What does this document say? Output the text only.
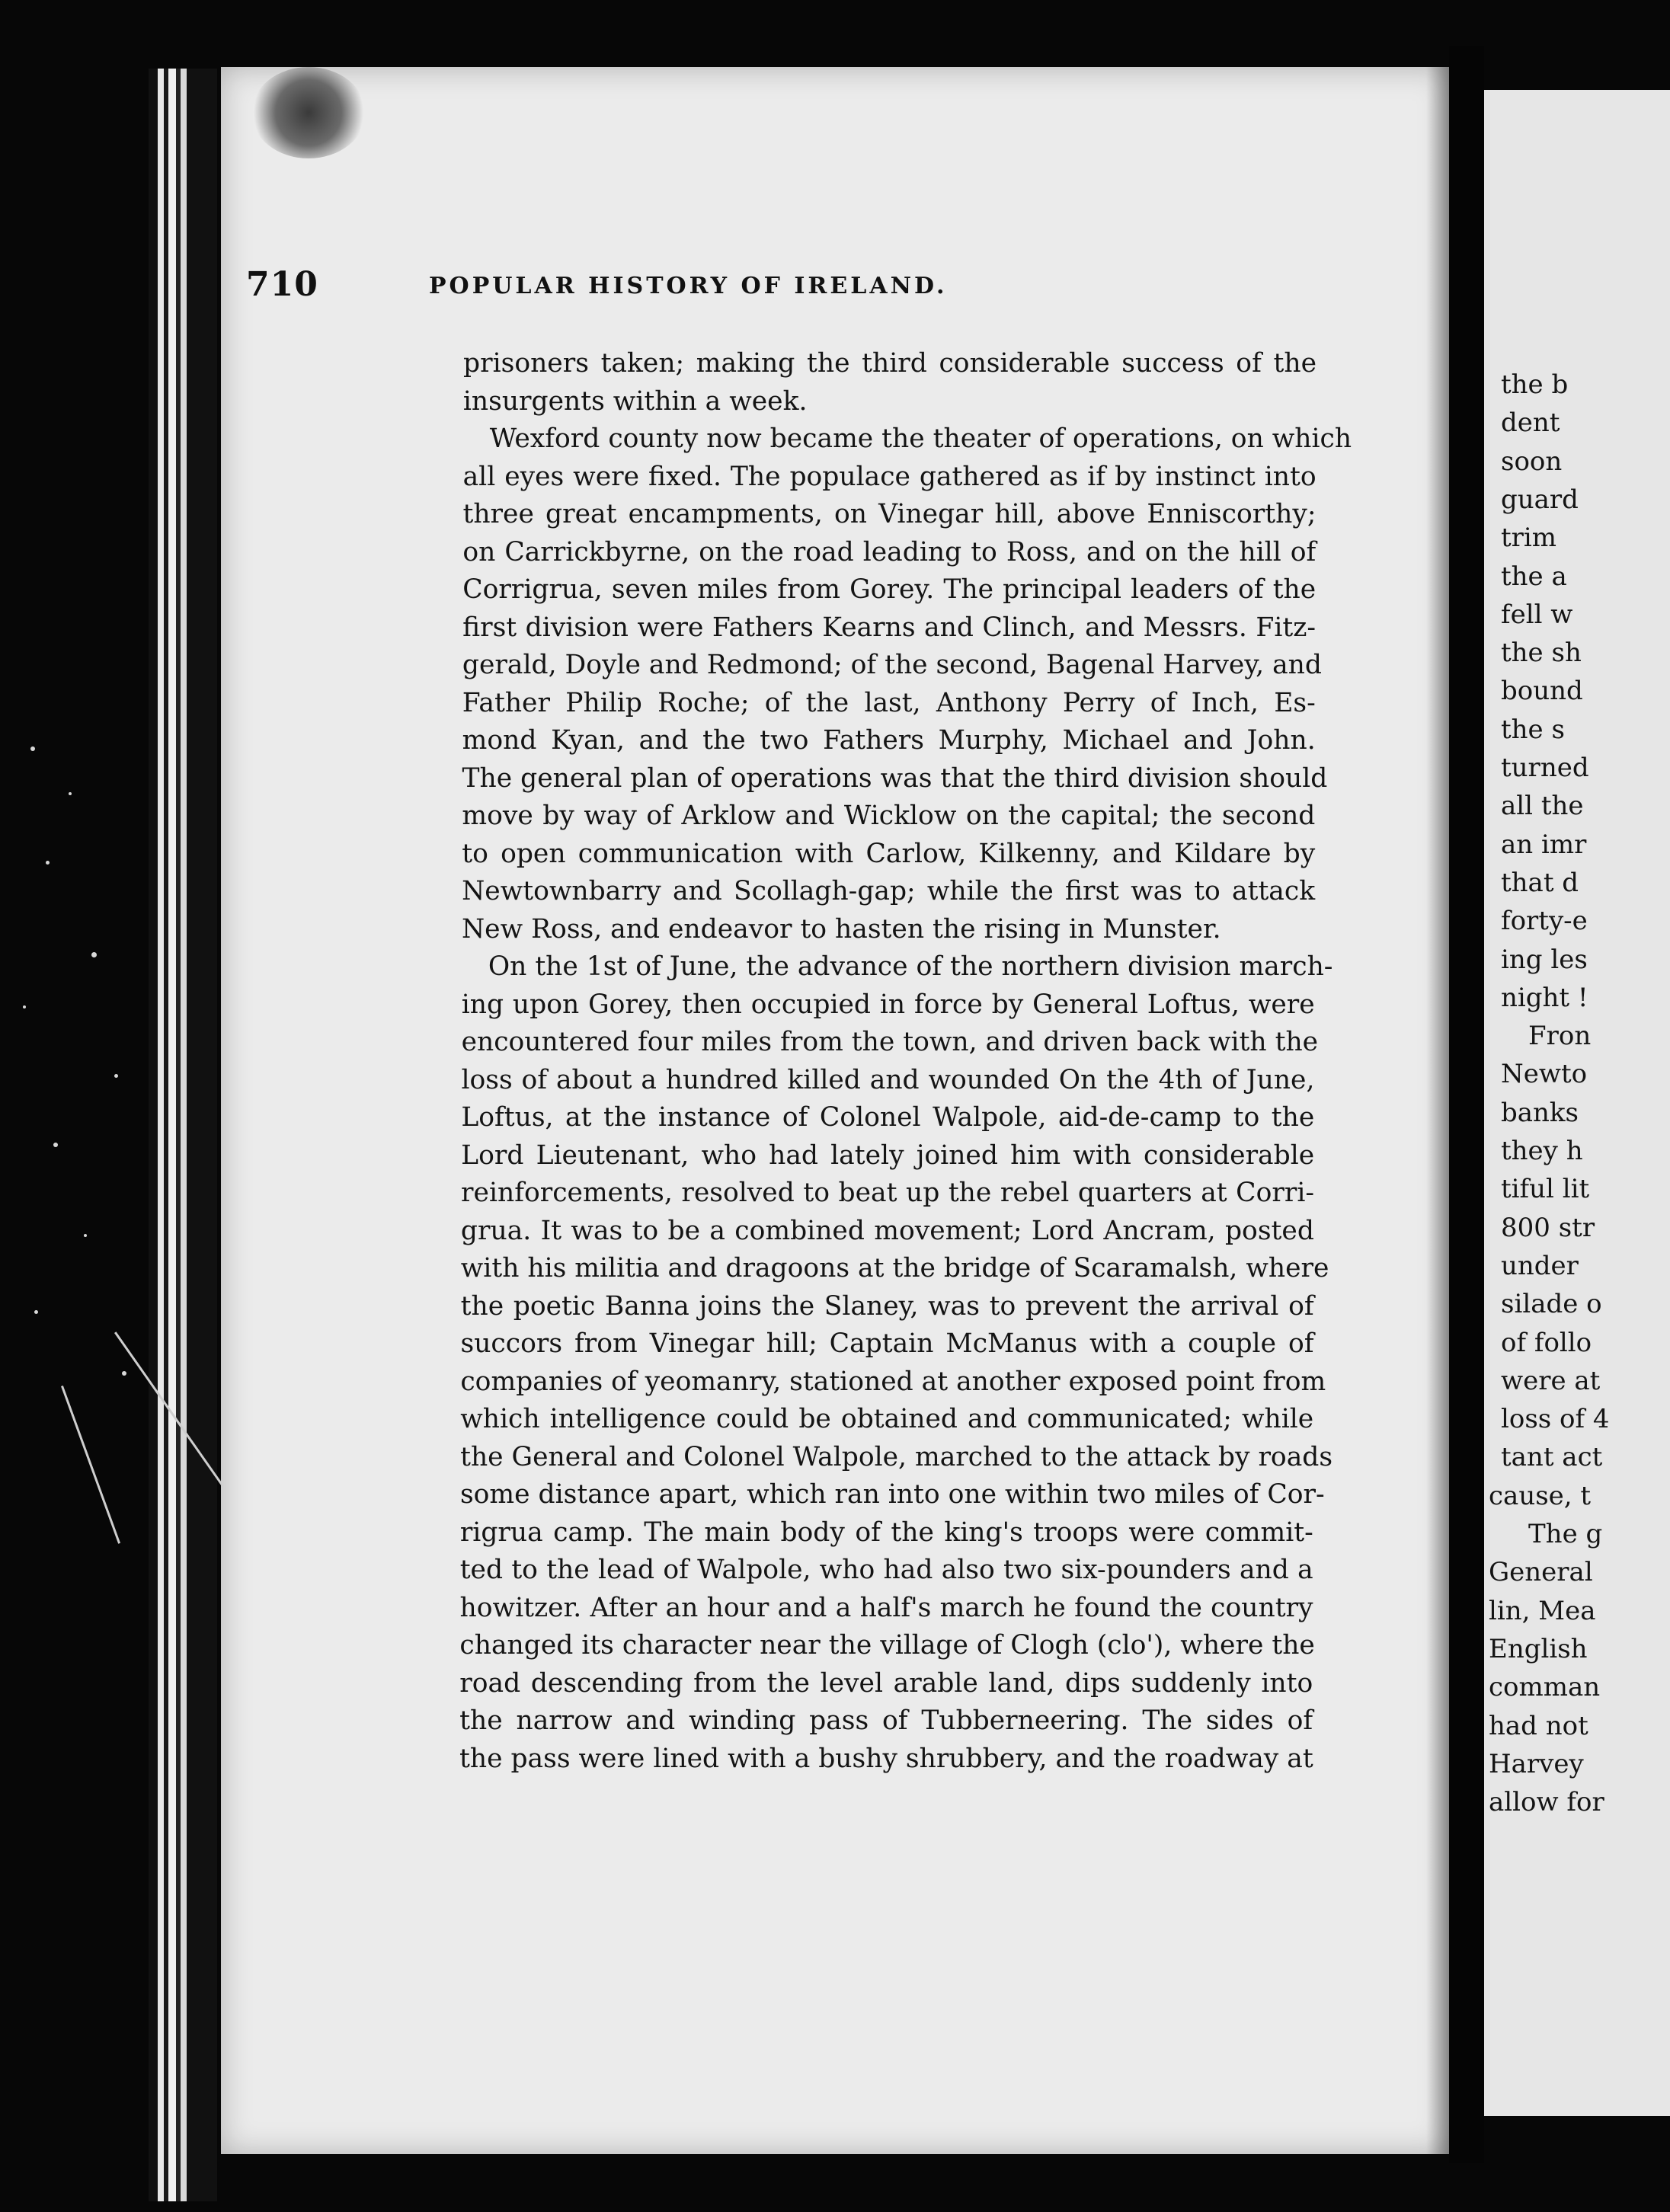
710	POPULAR HISTORY OF IRELAND.
prisoners taken; making the third considerable success of the
insurgents within a week.
Wexford county now became the theater of operations, on which
all eyes were fixed. The populace gathered as if by instinct into
three great encampments, on Vinegar hill, above Enniscorthy;
on Carrickbyrne, on the road leading to Ross, and on the hill of
Corrigrua, seven miles from Gorey. The principal leaders of the
first division were Fathers Kearns and Clinch, and Messrs. Fitz-
gerald, Doyle and Redmond; of the second, Bagenal Harvey, and
Father Philip Roche; of the last, Anthony Perry of Inch, Es-
mond Kyan, and the two Fathers Murphy, Michael and John.
The general plan of operations was that the third division should
move by way of Arklow and Wicklow on the capital; the second
to open communication with Carlow, Kilkenny, and Kildare by
Newtownbarry and Scollagh-gap; while the first was to attack
New Ross, and endeavor to hasten the rising in Munster.
On the 1st of June, the advance of the northern division march-
ing upon Gorey, then occupied in force by General Loftus, were
encountered four miles from the town, and driven back with the
loss of about a hundred killed and wounded On the 4th of June,
Loftus, at the instance of Colonel Walpole, aid-de-camp to the
Lord Lieutenant, who had lately joined him with considerable
reinforcements, resolved to beat up the rebel quarters at Corri-
grua. It was to be a combined movement; Lord Ancram, posted
with his militia and dragoons at the bridge of Scaramalsh, where
the poetic Banna joins the Slaney, was to prevent the arrival of
succors from Vinegar hill; Captain McManus with a couple of
companies of yeomanry, stationed at another exposed point from
which intelligence could be obtained and communicated; while
the General and Colonel Walpole, marched to the attack by roads
some distance apart, which ran into one within two miles of Cor-
rigrua camp. The main body of the king's troops were commit-
ted to the lead of Walpole, who had also two six-pounders and a
howitzer. After an hour and a half's march he found the country
changed its character near the village of Clogh (clo'), where the
road descending from the level arable land, dips suddenly into
the narrow and winding pass of Tubberneering. The sides of
the pass were lined with a bushy shrubbery, and the roadway at
the b
dent
soon
guard
trim
the a
fell w
the sh
bound
the s
turned
all the
an imr
that d
forty-e
ing les
night !
Fron
Newto
banks
they h
tiful lit
800 str
under
silade o
of follo
were at
loss of 4
tant act
cause, t
The g
General
lin, Mea
English
comman
had not
Harvey
allow for
